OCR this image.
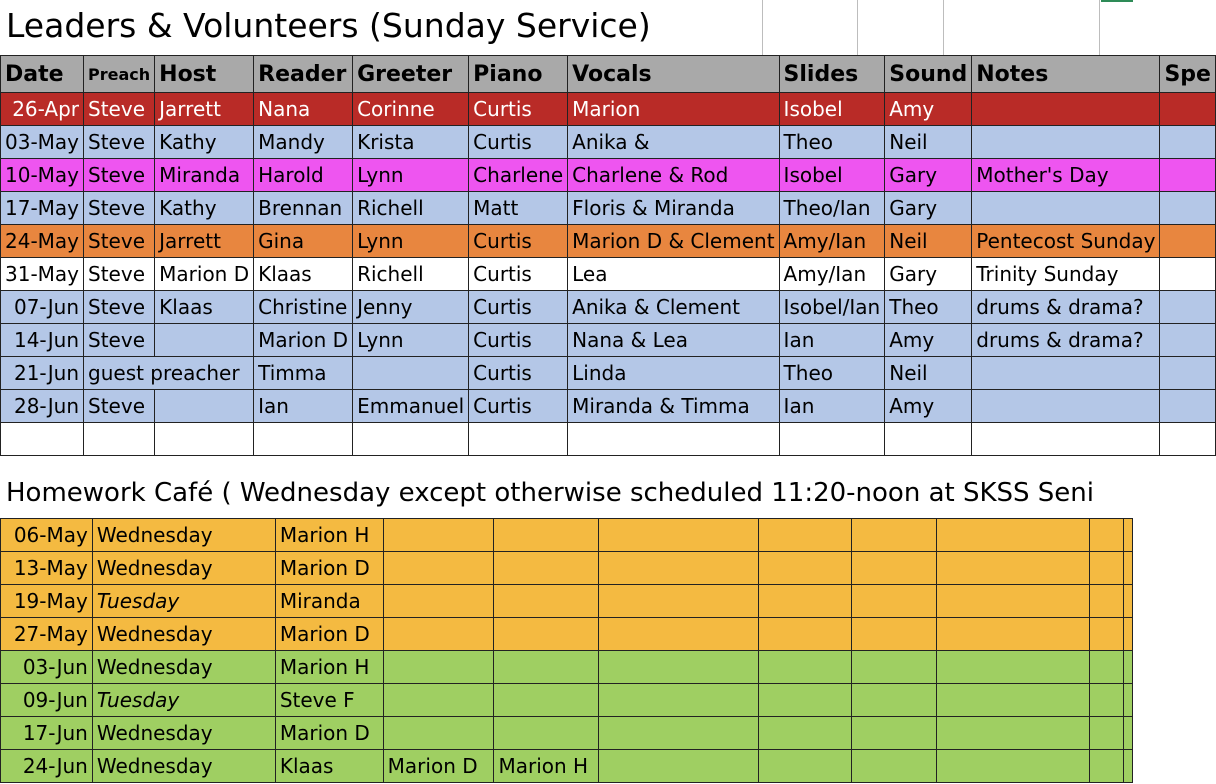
Leaders & Volunteers (Sunday Service)
Date	Preach	Host	Reader	Greeter	Piano	Vocals	Slides	Sound	Notes	Spe
26-Apr	Steve	Jarrett	Nana	Corinne	Curtis	Marion	Isobel	Amy		
03-May	Steve	Kathy	Mandy	Krista	Curtis	Anika &	Theo	Neil		
10-May	Steve	Miranda	Harold	Lynn	Charlene	Charlene & Rod	Isobel	Gary	Mother's Day	
17-May	Steve	Kathy	Brennan	Richell	Matt	Floris & Miranda	Theo/Ian	Gary		
24-May	Steve	Jarrett	Gina	Lynn	Curtis	Marion D & Clement	Amy/Ian	Neil	Pentecost Sunday	
31-May	Steve	Marion D	Klaas	Richell	Curtis	Lea	Amy/Ian	Gary	Trinity Sunday	
07-Jun	Steve	Klaas	Christine	Jenny	Curtis	Anika & Clement	Isobel/Ian	Theo	drums & drama?	
14-Jun	Steve		Marion D	Lynn	Curtis	Nana & Lea	Ian	Amy	drums & drama?	
21-Jun	guest preacher		Timma		Curtis	Linda	Theo	Neil		
28-Jun	Steve		Ian	Emmanuel	Curtis	Miranda & Timma	Ian	Amy		

Homework Café ( Wednesday except otherwise scheduled 11:20-noon at SKSS Seni
06-May	Wednesday	Marion H								
13-May	Wednesday	Marion D								
19-May	Tuesday	Miranda								
27-May	Wednesday	Marion D								
03-Jun	Wednesday	Marion H								
09-Jun	Tuesday	Steve F								
17-Jun	Wednesday	Marion D								
24-Jun	Wednesday	Klaas	Marion D	Marion H						
